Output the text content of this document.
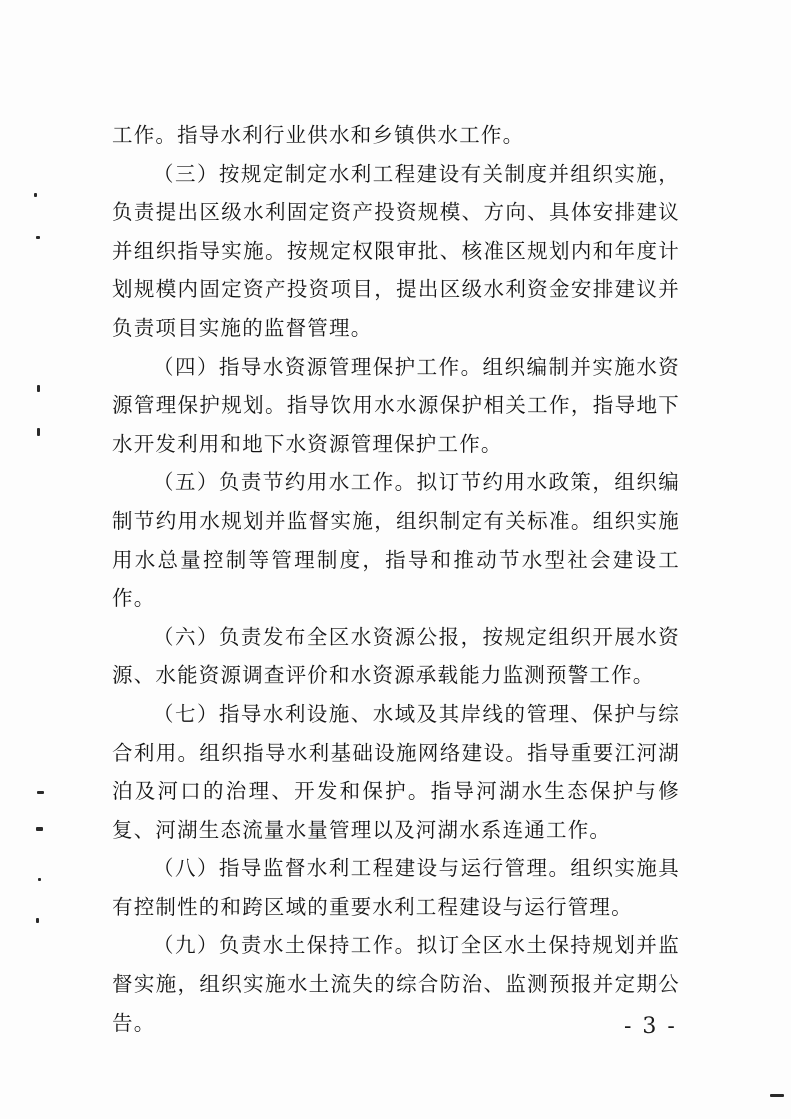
工作。指导水利行业供水和乡镇供水工作。

（三）按规定制定水利工程建设有关制度并组织实施，负责提出区级水利固定资产投资规模、方向、具体安排建议并组织指导实施。按规定权限审批、核准区规划内和年度计划规模内固定资产投资项目，提出区级水利资金安排建议并负责项目实施的监督管理。

（四）指导水资源管理保护工作。组织编制并实施水资源管理保护规划。指导饮用水水源保护相关工作，指导地下水开发利用和地下水资源管理保护工作。

（五）负责节约用水工作。拟订节约用水政策，组织编制节约用水规划并监督实施，组织制定有关标准。组织实施用水总量控制等管理制度，指导和推动节水型社会建设工作。

（六）负责发布全区水资源公报，按规定组织开展水资源、水能资源调查评价和水资源承载能力监测预警工作。

（七）指导水利设施、水域及其岸线的管理、保护与综合利用。组织指导水利基础设施网络建设。指导重要江河湖泊及河口的治理、开发和保护。指导河湖水生态保护与修复、河湖生态流量水量管理以及河湖水系连通工作。

（八）指导监督水利工程建设与运行管理。组织实施具有控制性的和跨区域的重要水利工程建设与运行管理。

（九）负责水土保持工作。拟订全区水土保持规划并监督实施，组织实施水土流失的综合防治、监测预报并定期公告。	- 3 -
